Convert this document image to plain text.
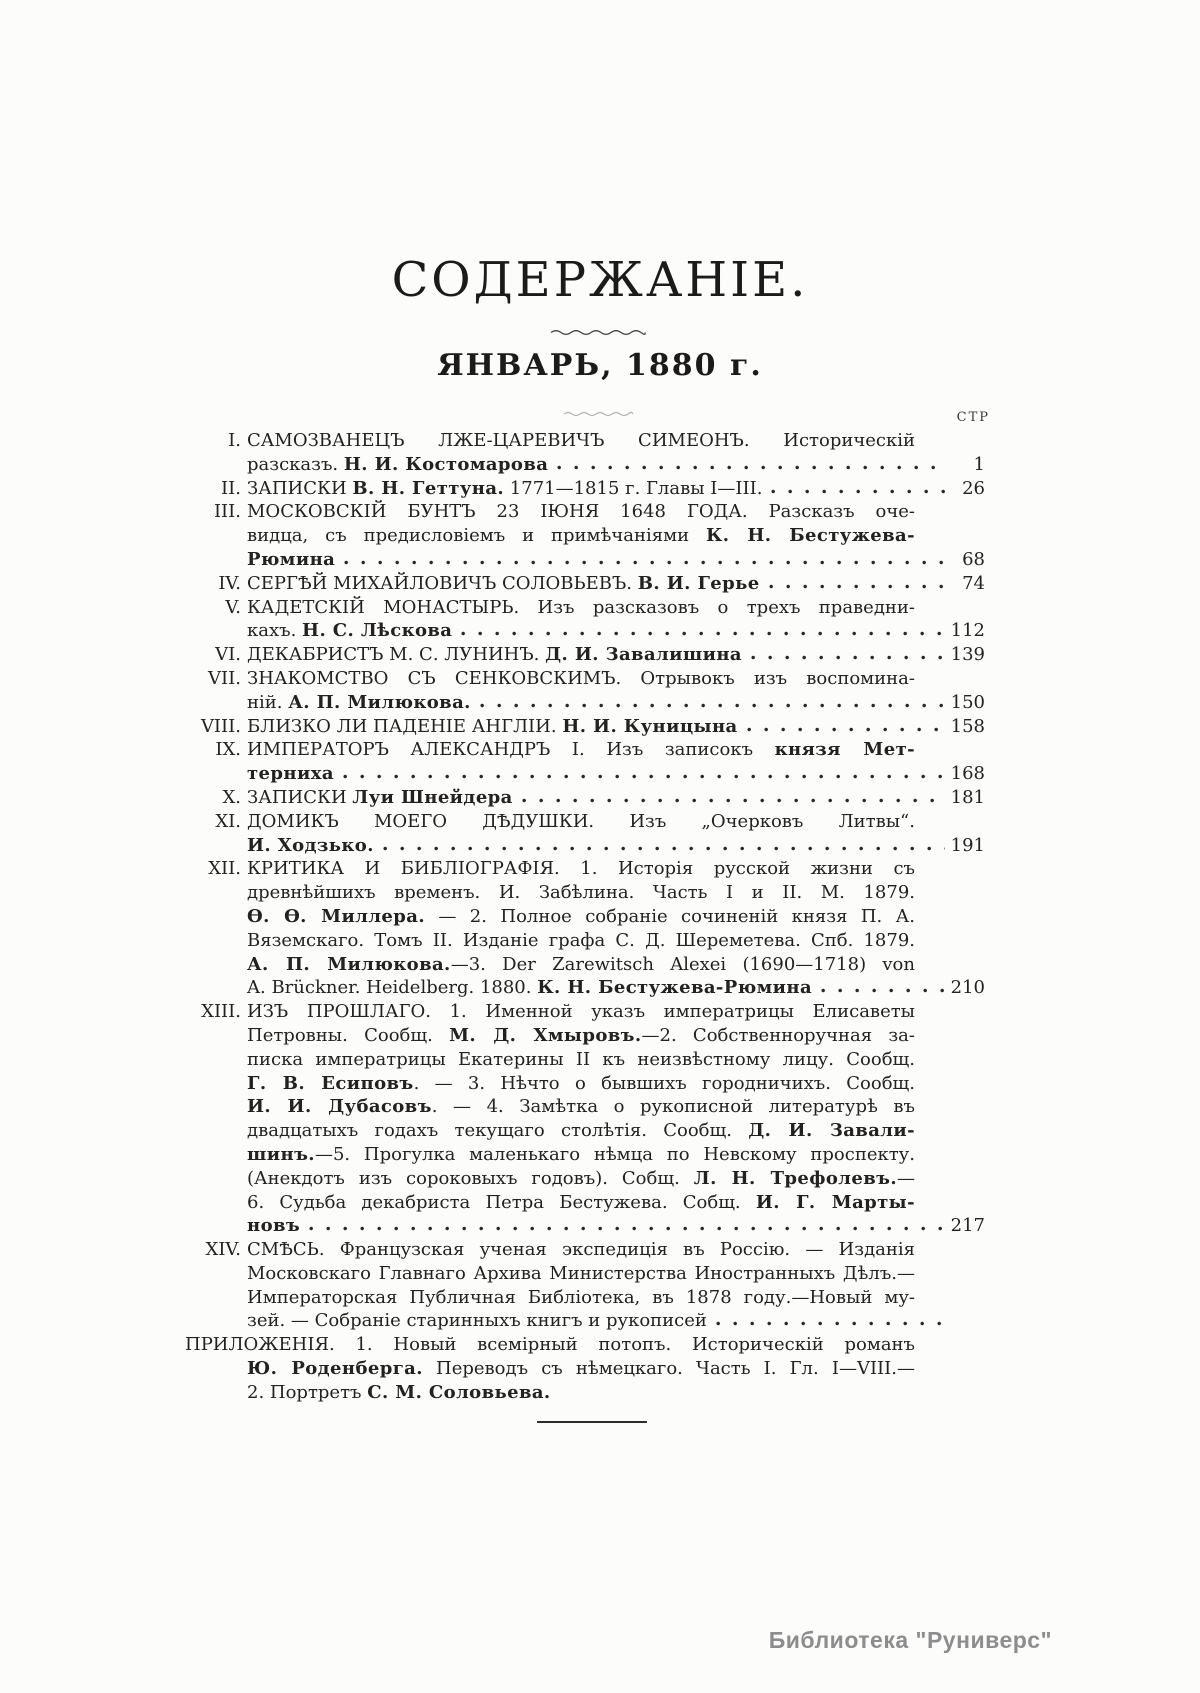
СОДЕРЖАНІЕ.
ЯНВАРЬ, 1880 г.
СТР
I. САМОЗВАНЕЦЪ ЛЖЕ-ЦАРЕВИЧЪ СИМЕОНЪ. Историческій
разсказъ. Н. И. Костомарова	1
II. ЗАПИСКИ В. Н. Геттуна. 1771—1815 г. Главы I—III.	26
III. МОСКОВСКІЙ БУНТЪ 23 ІЮНЯ 1648 ГОДА. Разсказъ оче-
видца, съ предисловіемъ и примѣчаніями К. Н. Бестужева-
Рюмина	68
IV. СЕРГѢЙ МИХАЙЛОВИЧЪ СОЛОВЬЕВЪ. В. И. Герье	74
V. КАДЕТСКІЙ МОНАСТЫРЬ. Изъ разсказовъ о трехъ праведни-
кахъ. Н. С. Лѣскова	112
VI. ДЕКАБРИСТЪ М. С. ЛУНИНЪ. Д. И. Завалишина	139
VII. ЗНАКОМСТВО СЪ СЕНКОВСКИМЪ. Отрывокъ изъ воспомина-
ній. А. П. Милюкова.	150
VIII. БЛИЗКО ЛИ ПАДЕНІЕ АНГЛІИ. Н. И. Куницына	158
IX. ИМПЕРАТОРЪ АЛЕКСАНДРЪ I. Изъ записокъ князя Мет-
терниха	168
X. ЗАПИСКИ Луи Шнейдера	181
XI. ДОМИКЪ МОЕГО ДѢДУШКИ. Изъ „Очерковъ Литвы“.
И. Ходзько.	191
XII. КРИТИКА И БИБЛІОГРАФІЯ. 1. Исторія русской жизни съ
древнѣйшихъ временъ. И. Забѣлина. Часть I и II. М. 1879.
Ѳ. Ѳ. Миллера. — 2. Полное собраніе сочиненій князя П. А.
Вяземскаго. Томъ II. Изданіе графа С. Д. Шереметева. Спб. 1879.
А. П. Милюкова.—3. Der Zarewitsch Alexei (1690—1718) von
A. Brückner. Heidelberg. 1880. К. Н. Бестужева-Рюмина	210
XIII. ИЗЪ ПРОШЛАГО. 1. Именной указъ императрицы Елисаветы
Петровны. Сообщ. М. Д. Хмыровъ.—2. Собственноручная за-
писка императрицы Екатерины II къ неизвѣстному лицу. Сообщ.
Г. В. Есиповъ. — 3. Нѣчто о бывшихъ городничихъ. Сообщ.
И. И. Дубасовъ. — 4. Замѣтка о рукописной литературѣ въ
двадцатыхъ годахъ текущаго столѣтія. Сообщ. Д. И. Завали-
шинъ.—5. Прогулка маленькаго нѣмца по Невскому проспекту.
(Анекдотъ изъ сороковыхъ годовъ). Собщ. Л. Н. Трефолевъ.—
6. Судьба декабриста Петра Бестужева. Собщ. И. Г. Марты-
новъ	217
XIV. СМѢСЬ. Французская ученая экспедиція въ Россію. — Изданія
Московскаго Главнаго Архива Министерства Иностранныхъ Дѣлъ.—
Императорская Публичная Библіотека, въ 1878 году.—Новый му-
зей. — Собраніе старинныхъ книгъ и рукописей
ПРИЛОЖЕНІЯ. 1. Новый всемірный потопъ. Историческій романъ
Ю. Роденберга. Переводъ съ нѣмецкаго. Часть I. Гл. I—VIII.—
2. Портретъ С. М. Соловьева.
Библиотека "Руниверс"
